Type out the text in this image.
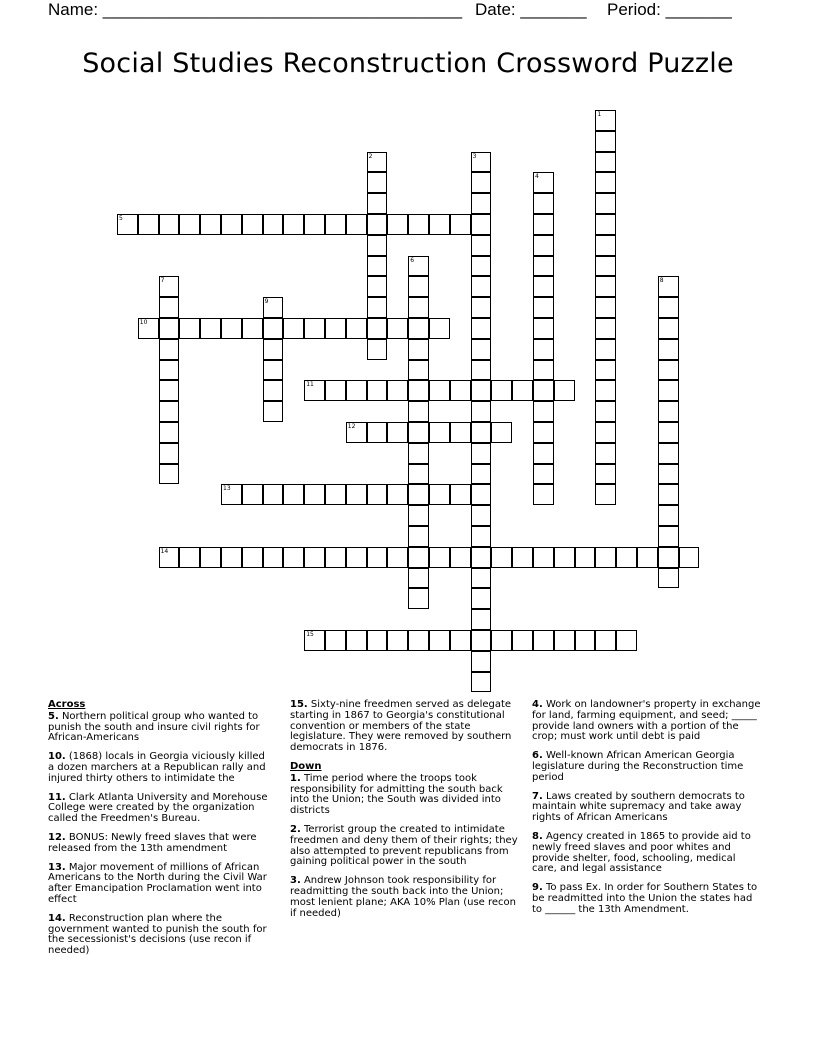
Name: ______________________________________ Date: _______ Period: _______
Social Studies Reconstruction Crossword Puzzle
1
2	3
4
5
6
7	8
9
10
11
12
13
14
15
Across
5. Northern political group who wanted to punish the south and insure civil rights for African-Americans
10. (1868) locals in Georgia viciously killed a dozen marchers at a Republican rally and injured thirty others to intimidate the
11. Clark Atlanta University and Morehouse College were created by the organization called the Freedmen's Bureau.
12. BONUS: Newly freed slaves that were released from the 13th amendment
13. Major movement of millions of African Americans to the North during the Civil War after Emancipation Proclamation went into effect
14. Reconstruction plan where the government wanted to punish the south for the secessionist's decisions (use recon if needed)
15. Sixty-nine freedmen served as delegate starting in 1867 to Georgia's constitutional convention or members of the state legislature. They were removed by southern democrats in 1876.
Down
1. Time period where the troops took responsibility for admitting the south back into the Union; the South was divided into districts
2. Terrorist group the created to intimidate freedmen and deny them of their rights; they also attempted to prevent republicans from gaining political power in the south
3. Andrew Johnson took responsibility for readmitting the south back into the Union; most lenient plane; AKA 10% Plan (use recon if needed)
4. Work on landowner's property in exchange for land, farming equipment, and seed; _____ provide land owners with a portion of the crop; must work until debt is paid
6. Well-known African American Georgia legislature during the Reconstruction time period
7. Laws created by southern democrats to maintain white supremacy and take away rights of African Americans
8. Agency created in 1865 to provide aid to newly freed slaves and poor whites and provide shelter, food, schooling, medical care, and legal assistance
9. To pass Ex. In order for Southern States to be readmitted into the Union the states had to ______ the 13th Amendment.
